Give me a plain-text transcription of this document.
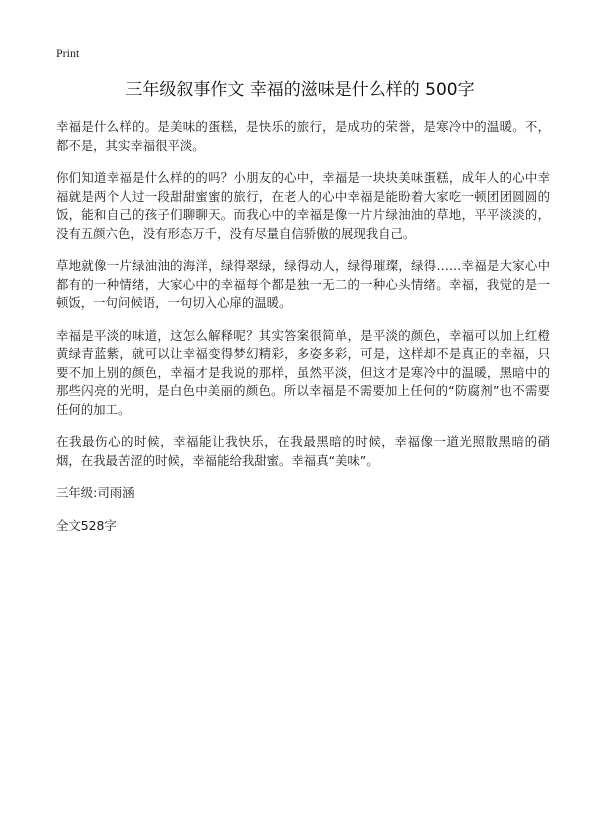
Print
三年级叙事作文 幸福的滋味是什么样的 500字

幸福是什么样的。是美味的蛋糕，是快乐的旅行，是成功的荣誉，是寒冷中的温暖。不，都不是，其实幸福很平淡。

你们知道幸福是什么样的的吗？小朋友的心中，幸福是一块块美味蛋糕，成年人的心中幸福就是两个人过一段甜甜蜜蜜的旅行，在老人的心中幸福是能盼着大家吃一顿团团圆圆的饭，能和自己的孩子们聊聊天。而我心中的幸福是像一片片绿油油的草地，平平淡淡的，没有五颜六色，没有形态万千，没有尽量自信骄傲的展现我自己。

草地就像一片绿油油的海洋，绿得翠绿，绿得动人，绿得璀璨，绿得……幸福是大家心中都有的一种情绪，大家心中的幸福每个都是独一无二的一种心头情绪。幸福，我觉的是一顿饭，一句问候语，一句切入心扉的温暖。

幸福是平淡的味道，这怎么解释呢？其实答案很简单，是平淡的颜色，幸福可以加上红橙黄绿青蓝紫，就可以让幸福变得梦幻精彩，多姿多彩，可是，这样却不是真正的幸福，只要不加上别的颜色，幸福才是我说的那样，虽然平淡，但这才是寒冷中的温暖，黑暗中的那些闪亮的光明，是白色中美丽的颜色。所以幸福是不需要加上任何的“防腐剂”也不需要任何的加工。

在我最伤心的时候，幸福能让我快乐，在我最黑暗的时候，幸福像一道光照散黑暗的硝烟，在我最苦涩的时候，幸福能给我甜蜜。幸福真“美味”。

三年级:司雨涵

全文528字
